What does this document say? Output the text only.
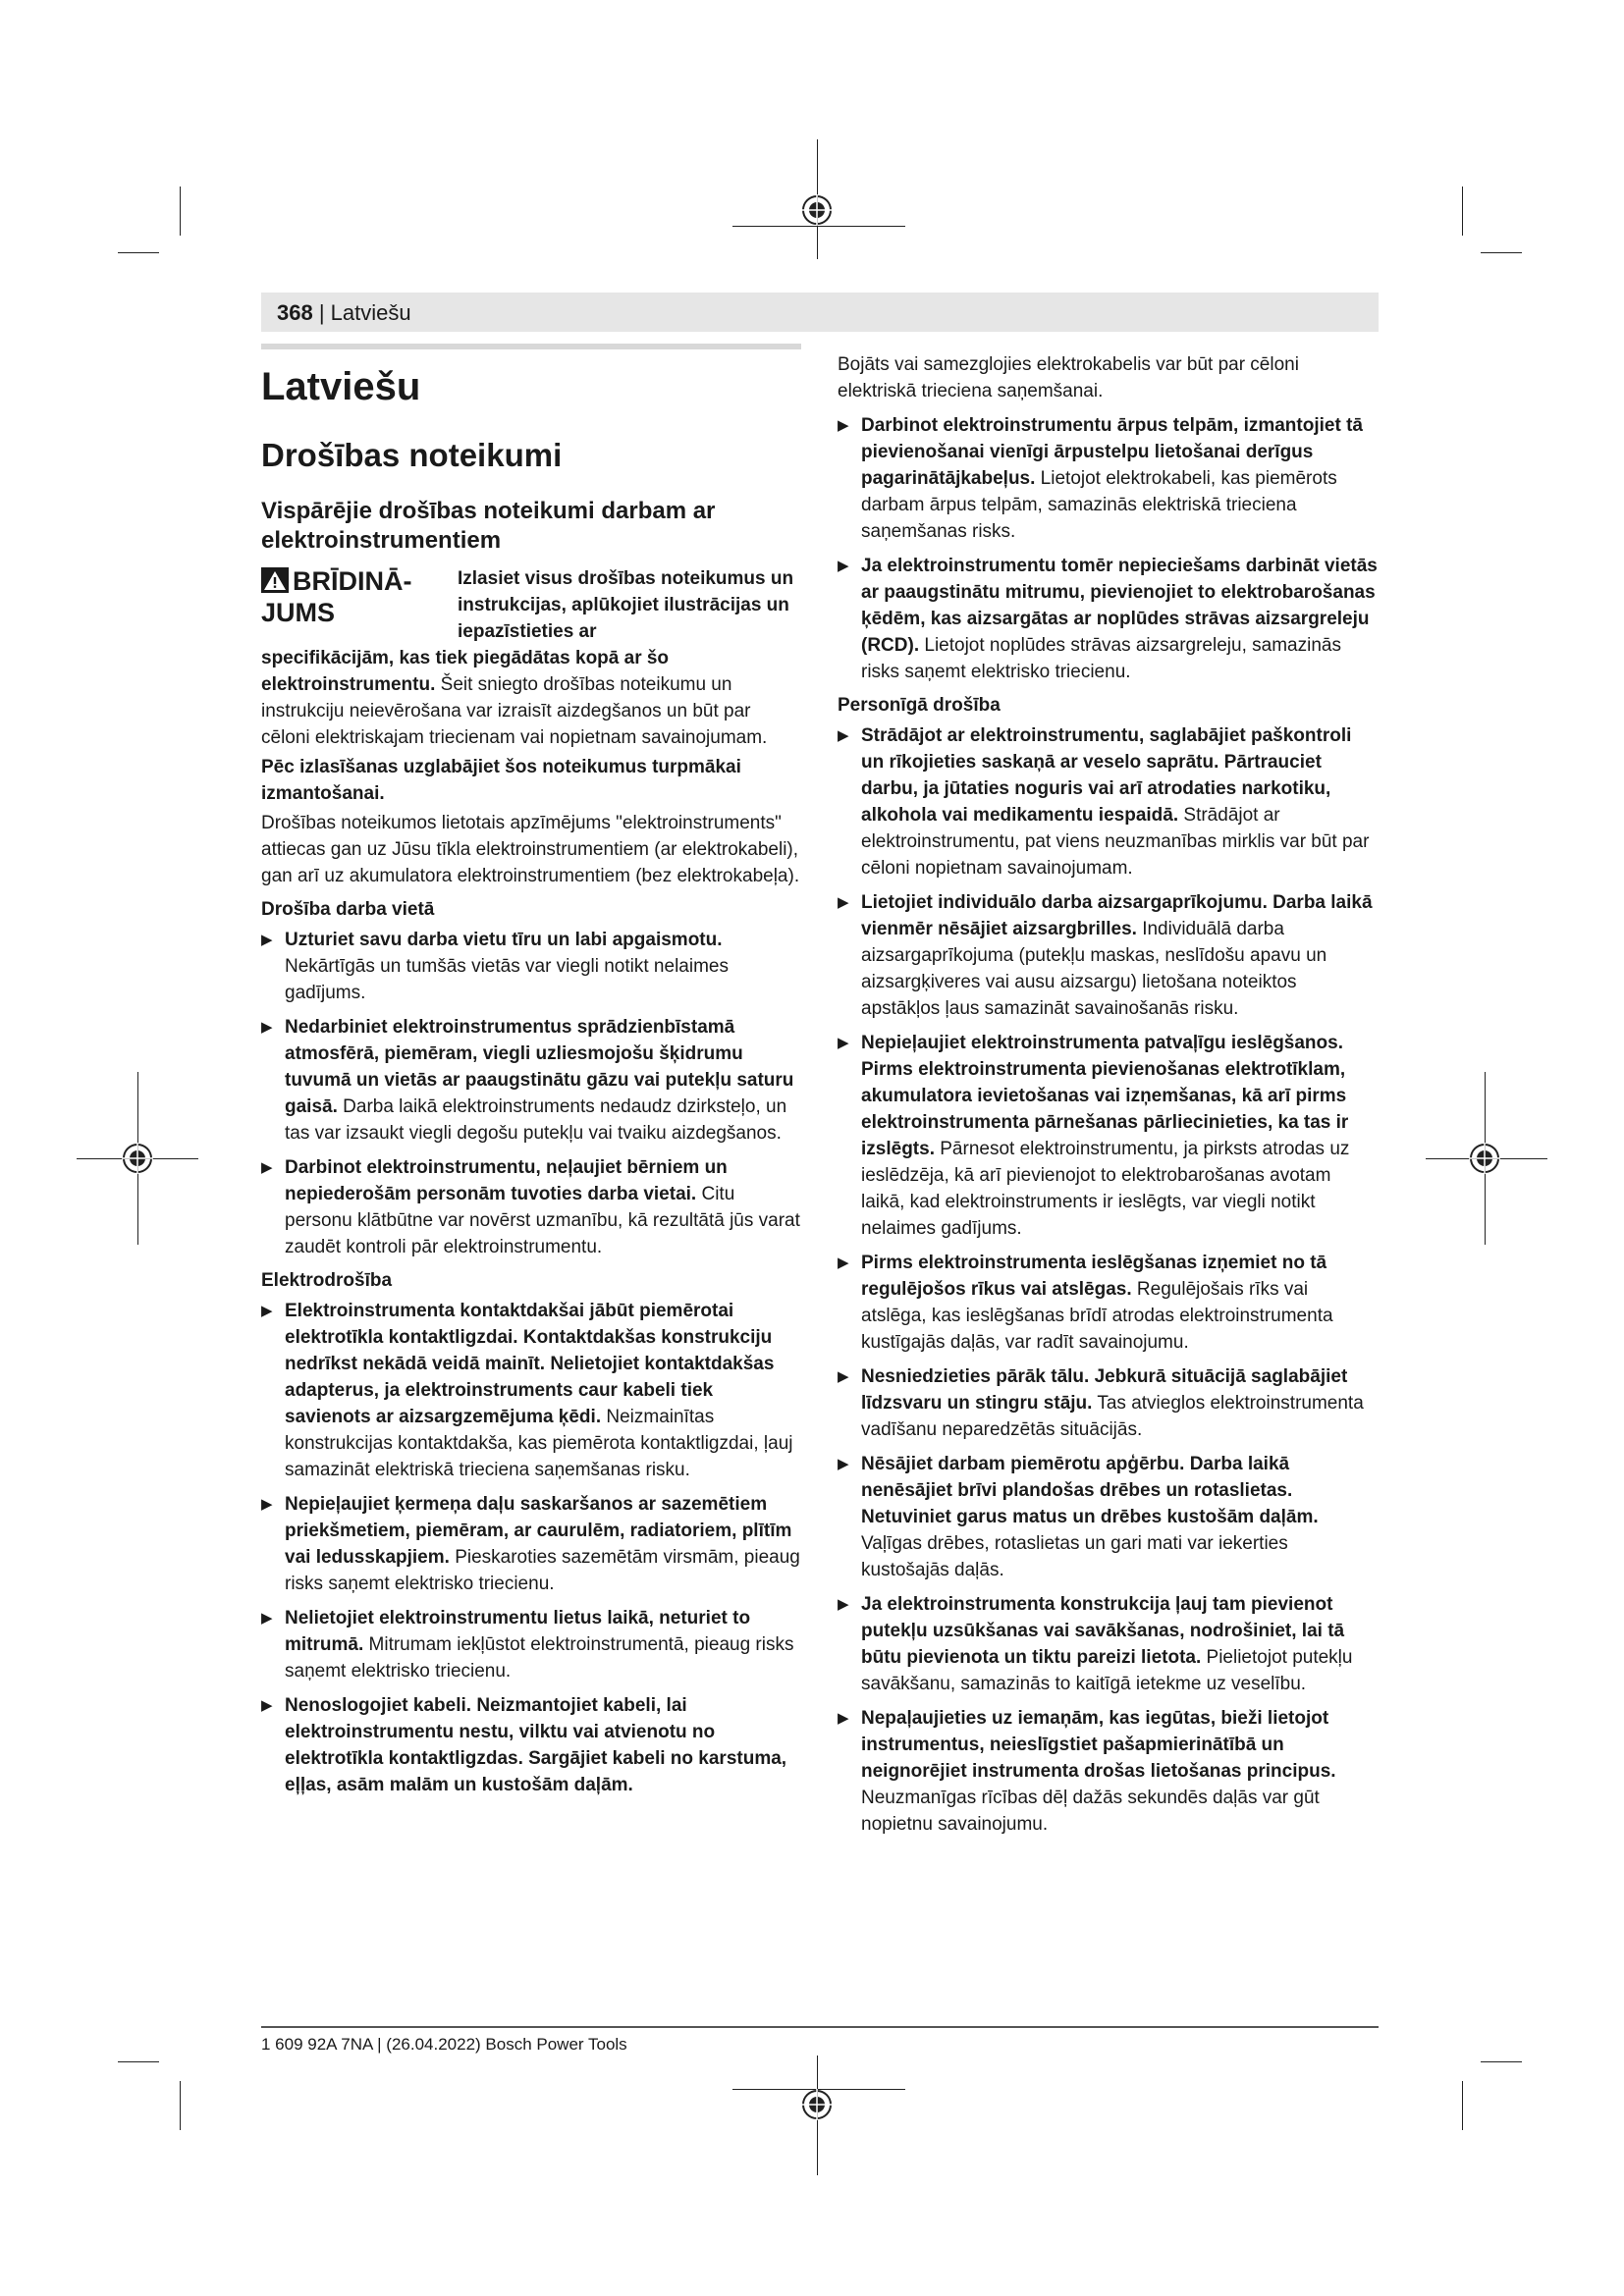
368 | Latviešu
Latviešu
Drošības noteikumi
Vispārējie drošības noteikumi darbam ar elektroinstrumentiem
BRĪDINĀ-
JUMS
Izlasiet visus drošības noteikumus un instrukcijas, aplūkojiet ilustrācijas un iepazīstieties ar
specifikācijām, kas tiek piegādātas kopā ar šo elektroinstrumentu. Šeit sniegto drošības noteikumu un instrukciju neievērošana var izraisīt aizdegšanos un būt par cēloni elektriskajam triecienam vai nopietnam savainojumam.
Pēc izlasīšanas uzglabājiet šos noteikumus turpmākai izmantošanai.
Drošības noteikumos lietotais apzīmējums "elektroinstruments" attiecas gan uz Jūsu tīkla elektroinstrumentiem (ar elektrokabeli), gan arī uz akumulatora elektroinstrumentiem (bez elektrokabeļa).
Drošība darba vietā
▶ Uzturiet savu darba vietu tīru un labi apgaismotu. Nekārtīgās un tumšās vietās var viegli notikt nelaimes gadījums.
▶ Nedarbiniet elektroinstrumentus sprādzienbīstamā atmosfērā, piemēram, viegli uzliesmojošu šķidrumu tuvumā un vietās ar paaugstinātu gāzu vai putekļu saturu gaisā. Darba laikā elektroinstruments nedaudz dzirksteļo, un tas var izsaukt viegli degošu putekļu vai tvaiku aizdegšanos.
▶ Darbinot elektroinstrumentu, neļaujiet bērniem un nepiederošām personām tuvoties darba vietai. Citu personu klātbūtne var novērst uzmanību, kā rezultātā jūs varat zaudēt kontroli pār elektroinstrumentu.
Elektrodrošība
▶ Elektroinstrumenta kontaktdakšai jābūt piemērotai elektrotīkla kontaktligzdai. Kontaktdakšas konstrukciju nedrīkst nekādā veidā mainīt. Nelietojiet kontaktdakšas adapterus, ja elektroinstruments caur kabeli tiek savienots ar aizsargzemējuma ķēdi. Neizmainītas konstrukcijas kontaktdakša, kas piemērota kontaktligzdai, ļauj samazināt elektriskā trieciena saņemšanas risku.
▶ Nepieļaujiet ķermeņa daļu saskaršanos ar sazemētiem priekšmetiem, piemēram, ar caurulēm, radiatoriem, plītīm vai ledusskapjiem. Pieskaroties sazemētām virsmām, pieaug risks saņemt elektrisko triecienu.
▶ Nelietojiet elektroinstrumentu lietus laikā, neturiet to mitrumā. Mitrumam iekļūstot elektroinstrumentā, pieaug risks saņemt elektrisko triecienu.
▶ Nenoslogojiet kabeli. Neizmantojiet kabeli, lai elektroinstrumentu nestu, vilktu vai atvienotu no elektrotīkla kontaktligzdas. Sargājiet kabeli no karstuma, eļļas, asām malām un kustošām daļām.
Bojāts vai samezglojies elektrokabelis var būt par cēloni elektriskā trieciena saņemšanai.
▶ Darbinot elektroinstrumentu ārpus telpām, izmantojiet tā pievienošanai vienīgi ārpustelpu lietošanai derīgus pagarinātājkabeļus. Lietojot elektrokabeli, kas piemērots darbam ārpus telpām, samazinās elektriskā trieciena saņemšanas risks.
▶ Ja elektroinstrumentu tomēr nepieciešams darbināt vietās ar paaugstinātu mitrumu, pievienojiet to elektrobarošanas ķēdēm, kas aizsargātas ar noplūdes strāvas aizsargreleju (RCD). Lietojot noplūdes strāvas aizsargreleju, samazinās risks saņemt elektrisko triecienu.
Personīgā drošība
▶ Strādājot ar elektroinstrumentu, saglabājiet paškontroli un rīkojieties saskaņā ar veselo saprātu. Pārtrauciet darbu, ja jūtaties noguris vai arī atrodaties narkotiku, alkohola vai medikamentu iespaidā. Strādājot ar elektroinstrumentu, pat viens neuzmanības mirklis var būt par cēloni nopietnam savainojumam.
▶ Lietojiet individuālo darba aizsargaprīkojumu. Darba laikā vienmēr nēsājiet aizsargbrilles. Individuālā darba aizsargaprīkojuma (putekļu maskas, neslīdošu apavu un aizsargķiveres vai ausu aizsargu) lietošana noteiktos apstākļos ļaus samazināt savainošanās risku.
▶ Nepieļaujiet elektroinstrumenta patvaļīgu ieslēgšanos. Pirms elektroinstrumenta pievienošanas elektrotīklam, akumulatora ievietošanas vai izņemšanas, kā arī pirms elektroinstrumenta pārnešanas pārliecinieties, ka tas ir izslēgts. Pārnesot elektroinstrumentu, ja pirksts atrodas uz ieslēdzēja, kā arī pievienojot to elektrobarošanas avotam laikā, kad elektroinstruments ir ieslēgts, var viegli notikt nelaimes gadījums.
▶ Pirms elektroinstrumenta ieslēgšanas izņemiet no tā regulējošos rīkus vai atslēgas. Regulējošais rīks vai atslēga, kas ieslēgšanas brīdī atrodas elektroinstrumenta kustīgajās daļās, var radīt savainojumu.
▶ Nesniedzieties pārāk tālu. Jebkurā situācijā saglabājiet līdzsvaru un stingru stāju. Tas atvieglos elektroinstrumenta vadīšanu neparedzētās situācijās.
▶ Nēsājiet darbam piemērotu apģērbu. Darba laikā nenēsājiet brīvi plandošas drēbes un rotaslietas. Netuviniet garus matus un drēbes kustošām daļām. Vaļīgas drēbes, rotaslietas un gari mati var iekerties kustošajās daļās.
▶ Ja elektroinstrumenta konstrukcija ļauj tam pievienot putekļu uzsūkšanas vai savākšanas, nodrošiniet, lai tā būtu pievienota un tiktu pareizi lietota. Pielietojot putekļu savākšanu, samazinās to kaitīgā ietekme uz veselību.
▶ Nepaļaujieties uz iemaņām, kas iegūtas, bieži lietojot instrumentus, neieslīgstiet pašapmierinātībā un neignorējiet instrumenta drošas lietošanas principus. Neuzmanīgas rīcības dēļ dažās sekundēs daļās var gūt nopietnu savainojumu.
1 609 92A 7NA | (26.04.2022) Bosch Power Tools
